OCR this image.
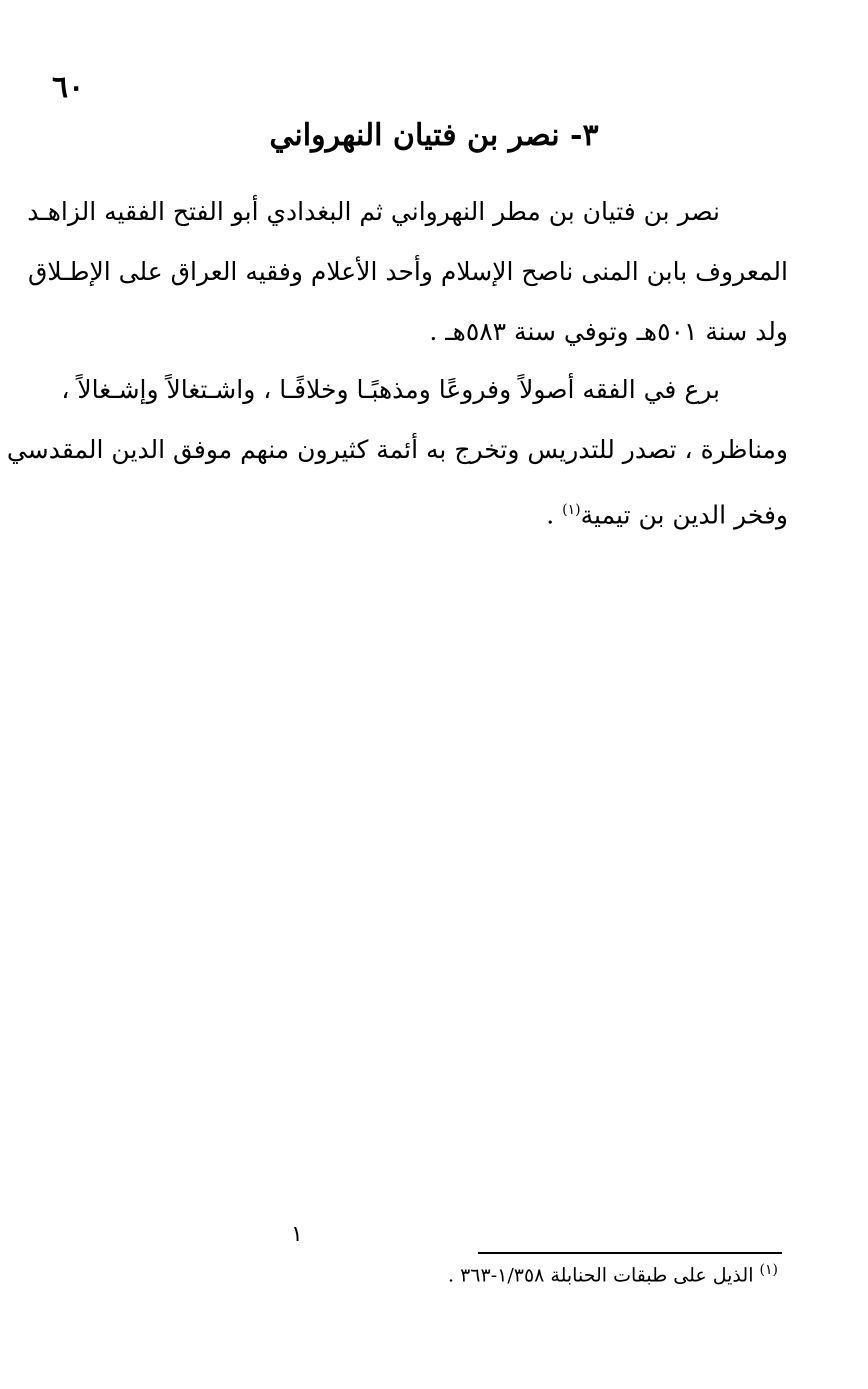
٦٠
٣- نصر بن فتيان النهرواني
نصر بن فتيان بن مطر النهرواني ثم البغدادي أبو الفتح الفقيه الزاهـد
المعروف بابن المنى ناصح الإسلام وأحد الأعلام وفقيه العراق على الإطـلاق
ولد سنة ٥٠١هـ وتوفي سنة ٥٨٣هـ .
برع في الفقه أصولاً وفروعًا ومذهبًـا وخلافًـا ، واشـتغالاً وإشـغالاً ،
ومناظرة ، تصدر للتدريس وتخرج به أئمة كثيرون منهم موفق الدين المقدسي
وفخر الدين بن تيمية$^{(١)}$ .
١
$^{(١)}$ الذيل على طبقات الحنابلة ١/٣٥٨-٣٦٣ .
